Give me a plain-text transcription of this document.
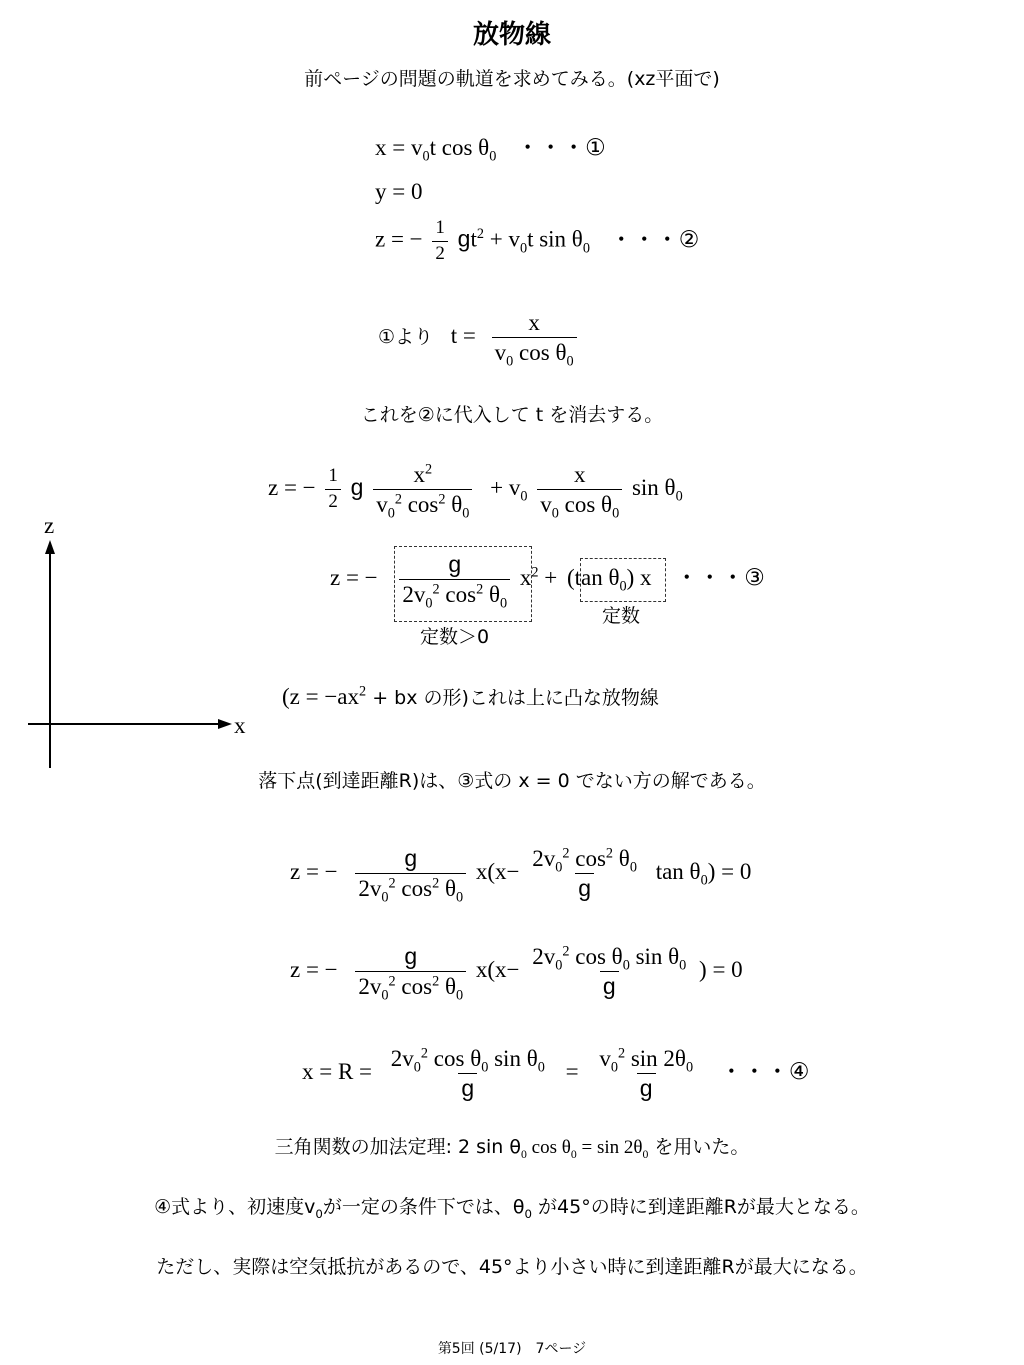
放物線
前ページの問題の軌道を求めてみる。(xz平面で)
$x = v_0t$ $\cos \theta_0$ ・・・①
y = 0
z = − $\frac{1}{2} gt^2 + v_0t$ $\sin \theta_0$ ・・・②
①より $t = \frac{x}{v_0 \cos \theta_0}$
これを②に代入して t を消去する。
z = − $\frac{1}{2}$ g $\frac{x^2}{v_0^2 \cos^2 \theta_0} + v_0 \frac{x}{v_0 \cos \theta_0}$ $\sin \theta_0$
z = − $\frac{g}{2v_0^2 \cos^2 \theta_0} x^2 + (\tan$ $\theta_0$) x ・・・③
定数＞0
定数
z
x
($z = -ax^2$ + bx の形)これは上に凸な放物線
落下点(到達距離R)は、③式の x = 0 でない方の解である。
z = − $\frac{g}{2v_0^2 \cos^2 \theta_0} x(x- \frac{2v_0^2 \cos^2 \theta_0}{g}$ $\tan \theta_0) = 0$
z = − $\frac{g}{2v_0^2 \cos^2 \theta_0} x(x- \frac{2v_0^2 \cos \theta_0 \sin \theta_0}{g}$ ) = 0
$x = R = \frac{2v_0^2 \cos \theta_0 \sin \theta_0}{g} = \frac{v_0^2 \sin 2\theta_0}{g}$ ・・・④
三角関数の加法定理: 2 $\sin \theta_0$ $\cos \theta_0 = \sin 2\theta_0$ を用いた。
④式より、初速度$v_0$が一定の条件下では、$\theta_0$ が45°の時に到達距離Rが最大となる。
ただし、実際は空気抵抗があるので、45°より小さい時に到達距離Rが最大になる。
第5回 (5/17)　7ページ
